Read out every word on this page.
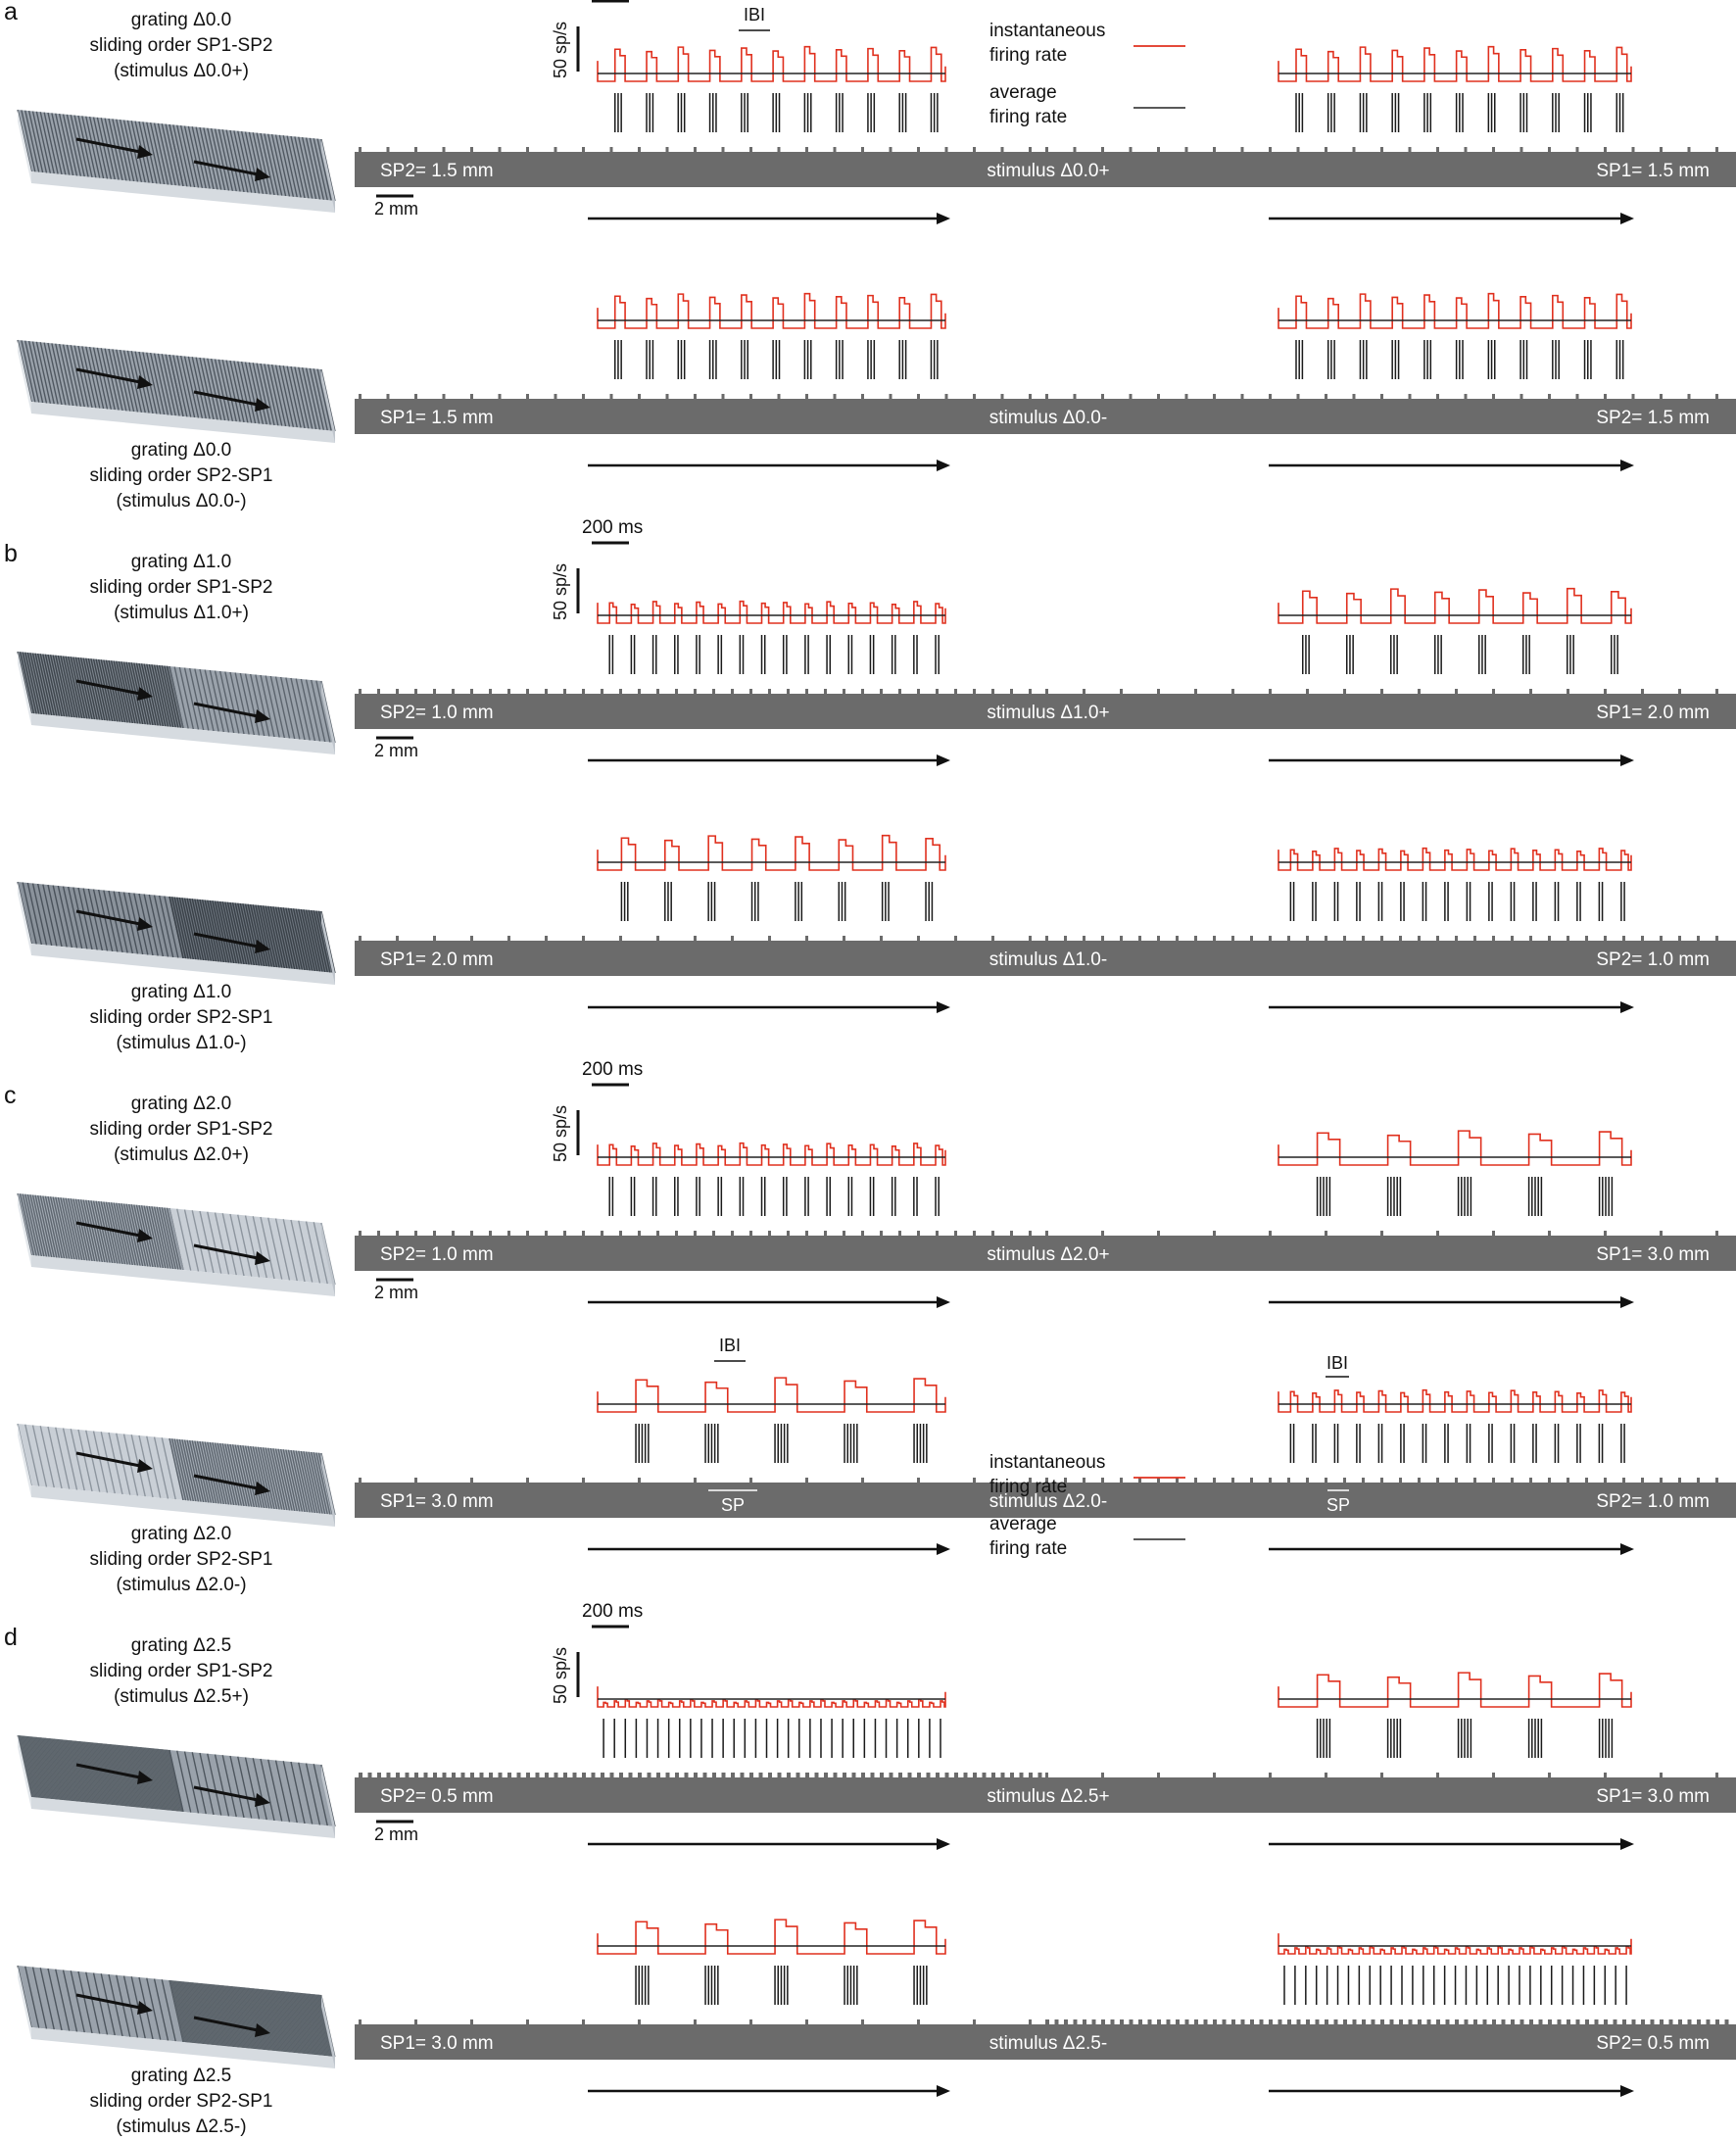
a	grating Δ0.0
sliding order SP1-SP2
(stimulus Δ0.0+)
SP2= 1.5 mm	stimulus Δ0.0+	SP1= 1.5 mm
50 sp/s
2 mm
IBI
instantaneous
firing rate
average
firing rate
grating Δ0.0
sliding order SP2-SP1
(stimulus Δ0.0-)
SP1= 1.5 mm	stimulus Δ0.0-	SP2= 1.5 mm
b	grating Δ1.0
sliding order SP1-SP2
(stimulus Δ1.0+)
SP2= 1.0 mm	stimulus Δ1.0+	SP1= 2.0 mm
200 ms
50 sp/s
2 mm
grating Δ1.0
sliding order SP2-SP1
(stimulus Δ1.0-)
SP1= 2.0 mm	stimulus Δ1.0-	SP2= 1.0 mm
c	grating Δ2.0
sliding order SP1-SP2
(stimulus Δ2.0+)
SP2= 1.0 mm	stimulus Δ2.0+	SP1= 3.0 mm
200 ms
50 sp/s
2 mm
grating Δ2.0
sliding order SP2-SP1
(stimulus Δ2.0-)
SP1= 3.0 mm	stimulus Δ2.0-	SP2= 1.0 mm
IBI
IBI
SP	SP
instantaneous
firing rate
average
firing rate
d	grating Δ2.5
sliding order SP1-SP2
(stimulus Δ2.5+)
SP2= 0.5 mm	stimulus Δ2.5+	SP1= 3.0 mm
200 ms
50 sp/s
2 mm
grating Δ2.5
sliding order SP2-SP1
(stimulus Δ2.5-)
SP1= 3.0 mm	stimulus Δ2.5-	SP2= 0.5 mm
